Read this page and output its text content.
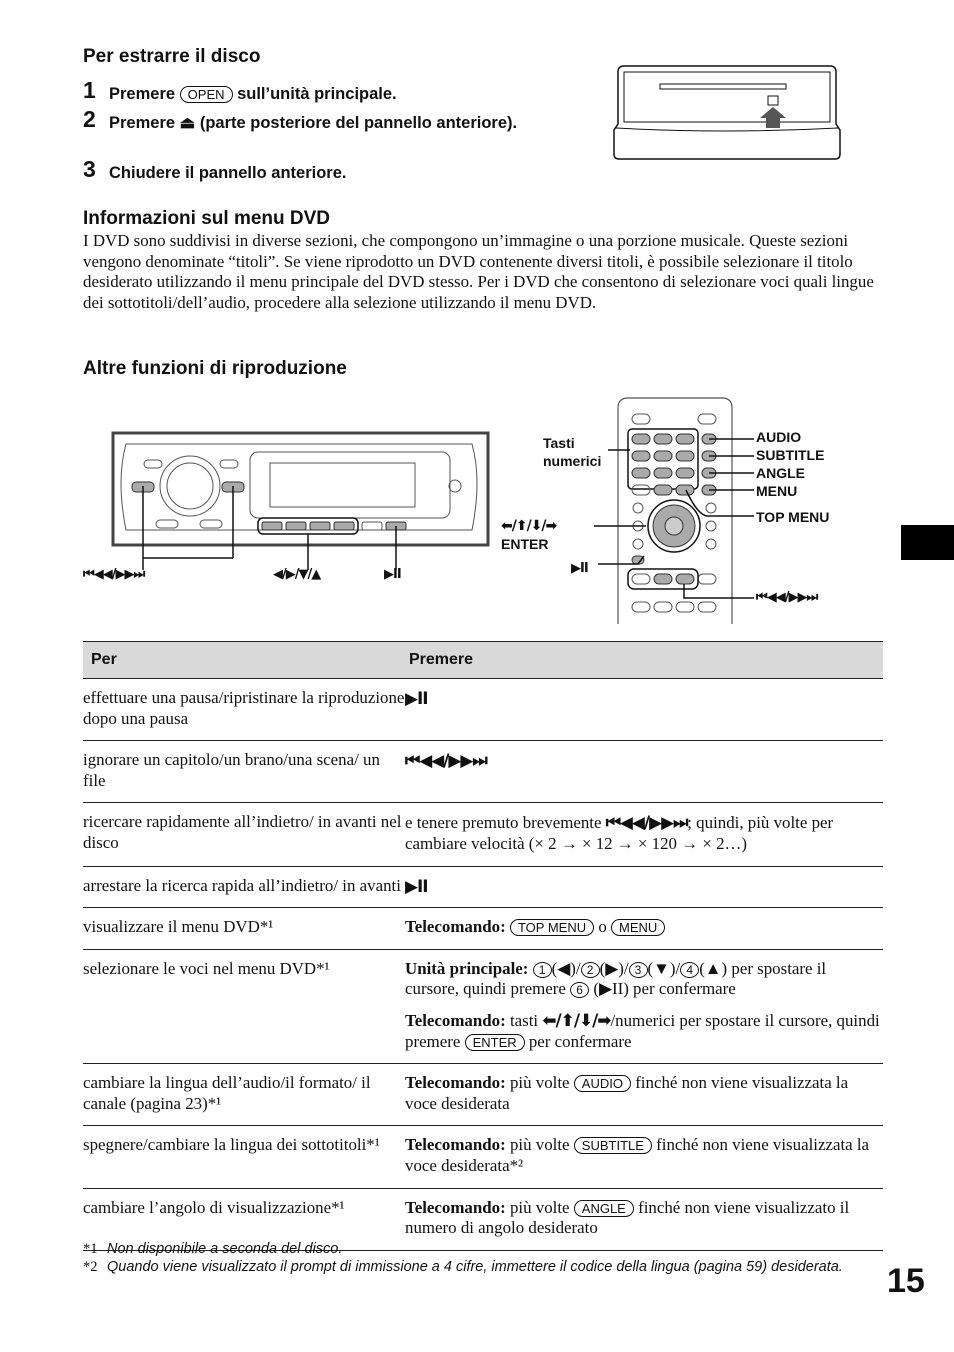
Per estrarre il disco
1 Premere OPEN sull’unità principale.
2 Premere ⏏ (parte posteriore del pannello anteriore).
3 Chiudere il pannello anteriore.
Informazioni sul menu DVD
I DVD sono suddivisi in diverse sezioni, che compongono un’immagine o una porzione musicale. Queste sezioni vengono denominate “titoli”. Se viene riprodotto un DVD contenente diversi titoli, è possibile selezionare il titolo desiderato utilizzando il menu principale del DVD stesso. Per i DVD che consentono di selezionare voci quali lingue dei sottotitoli/dell’audio, procedere alla selezione utilizzando il menu DVD.
Altre funzioni di riproduzione
⏮◀◀/▶▶⏭	◀/▶/▼/▲	▶II
Tasti
numerici
⬅/⬆/⬇/➡
ENTER
▶II
AUDIO
SUBTITLE
ANGLE
MENU
TOP MENU
⏮◀◀/▶▶⏭
Per	Premere
effettuare una pausa/ripristinare la riproduzione dopo una pausa	▶II
ignorare un capitolo/un brano/una scena/ un file	⏮◀◀/▶▶⏭
ricercare rapidamente all’indietro/ in avanti nel disco	e tenere premuto brevemente ⏮◀◀/▶▶⏭; quindi, più volte per cambiare velocità (× 2 → × 12 → × 120 → × 2…)
arrestare la ricerca rapida all’indietro/ in avanti	▶II
visualizzare il menu DVD*¹	Telecomando: TOP MENU o MENU
selezionare le voci nel menu DVD*¹	Unità principale: 1 (◀)/ 2 (▶)/ 3 (▼)/ 4 (▲) per spostare il cursore, quindi premere 6 (▶II) per confermare
Telecomando: tasti ⬅/⬆/⬇/➡/numerici per spostare il cursore, quindi premere ENTER per confermare

cambiare la lingua dell’audio/il formato/ il canale (pagina 23)*¹	Telecomando: più volte AUDIO finché non viene visualizzata la voce desiderata
spegnere/cambiare la lingua dei sottotitoli*¹	Telecomando: più volte SUBTITLE finché non viene visualizzata la voce desiderata*²
cambiare l’angolo di visualizzazione*¹	Telecomando: più volte ANGLE finché non viene visualizzato il numero di angolo desiderato
*1 Non disponibile a seconda del disco.
*2 Quando viene visualizzato il prompt di immissione a 4 cifre, immettere il codice della lingua (pagina 59) desiderata. 15
